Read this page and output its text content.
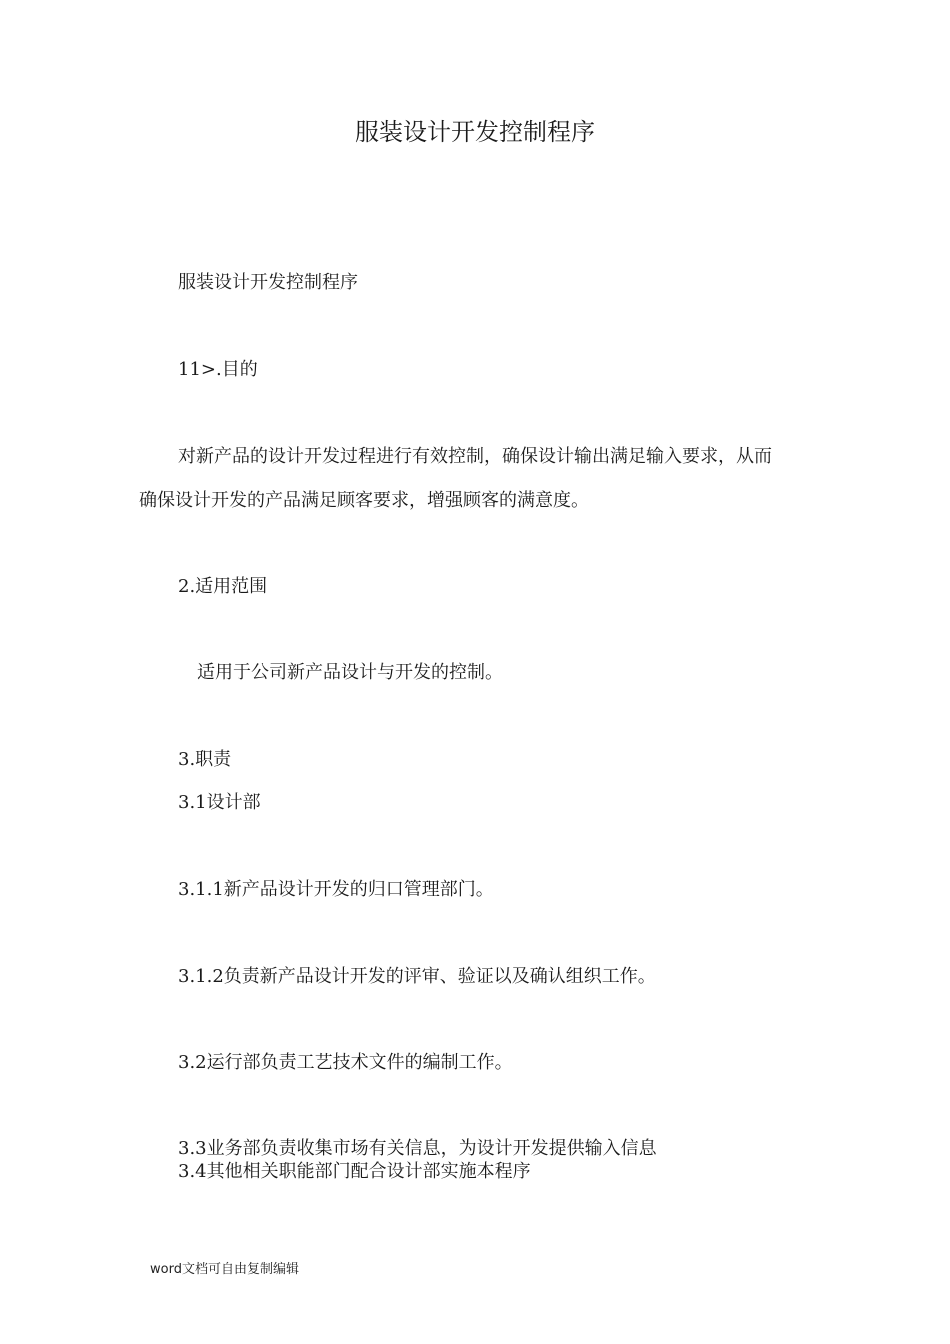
服装设计开发控制程序
服装设计开发控制程序
11>.目的
对新产品的设计开发过程进行有效控制，确保设计输出满足输入要求，从而
确保设计开发的产品满足顾客要求，增强顾客的满意度。
2.适用范围
适用于公司新产品设计与开发的控制。
3.职责
3.1设计部
3.1.1新产品设计开发的归口管理部门。
3.1.2负责新产品设计开发的评审、验证以及确认组织工作。
3.2运行部负责工艺技术文件的编制工作。
3.3业务部负责收集市场有关信息，为设计开发提供输入信息
3.4其他相关职能部门配合设计部实施本程序
word文档可自由复制编辑
